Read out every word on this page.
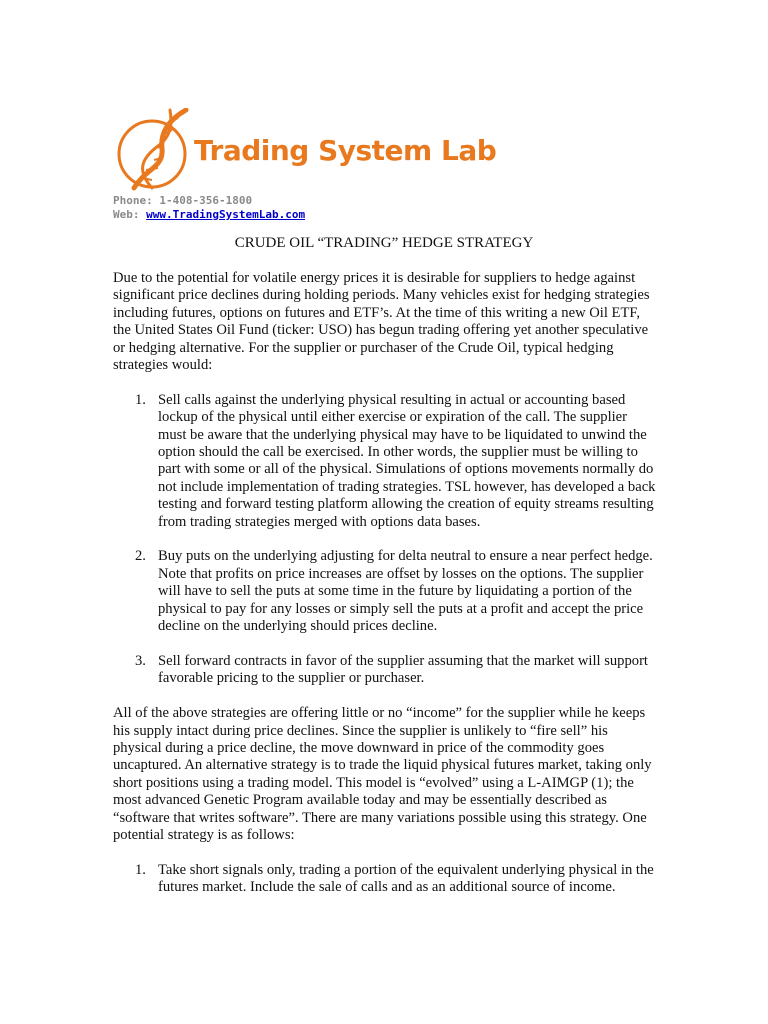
Trading System Lab
Phone: 1-408-356-1800
Web: www.TradingSystemLab.com
CRUDE OIL “TRADING” HEDGE STRATEGY

Due to the potential for volatile energy prices it is desirable for suppliers to hedge against significant price declines during holding periods. Many vehicles exist for hedging strategies including futures, options on futures and ETF’s. At the time of this writing a new Oil ETF, the United States Oil Fund (ticker: USO) has begun trading offering yet another speculative or hedging alternative. For the supplier or purchaser of the Crude Oil, typical hedging strategies would:

1. Sell calls against the underlying physical resulting in actual or accounting based lockup of the physical until either exercise or expiration of the call. The supplier must be aware that the underlying physical may have to be liquidated to unwind the option should the call be exercised. In other words, the supplier must be willing to part with some or all of the physical. Simulations of options movements normally do not include implementation of trading strategies. TSL however, has developed a back testing and forward testing platform allowing the creation of equity streams resulting from trading strategies merged with options data bases.
2. Buy puts on the underlying adjusting for delta neutral to ensure a near perfect hedge. Note that profits on price increases are offset by losses on the options. The supplier will have to sell the puts at some time in the future by liquidating a portion of the physical to pay for any losses or simply sell the puts at a profit and accept the price decline on the underlying should prices decline.
3. Sell forward contracts in favor of the supplier assuming that the market will support favorable pricing to the supplier or purchaser.

All of the above strategies are offering little or no “income” for the supplier while he keeps his supply intact during price declines. Since the supplier is unlikely to “fire sell” his physical during a price decline, the move downward in price of the commodity goes uncaptured. An alternative strategy is to trade the liquid physical futures market, taking only short positions using a trading model. This model is “evolved” using a L-AIMGP (1); the most advanced Genetic Program available today and may be essentially described as “software that writes software”. There are many variations possible using this strategy. One potential strategy is as follows:

1. Take short signals only, trading a portion of the equivalent underlying physical in the futures market. Include the sale of calls and as an additional source of income.
